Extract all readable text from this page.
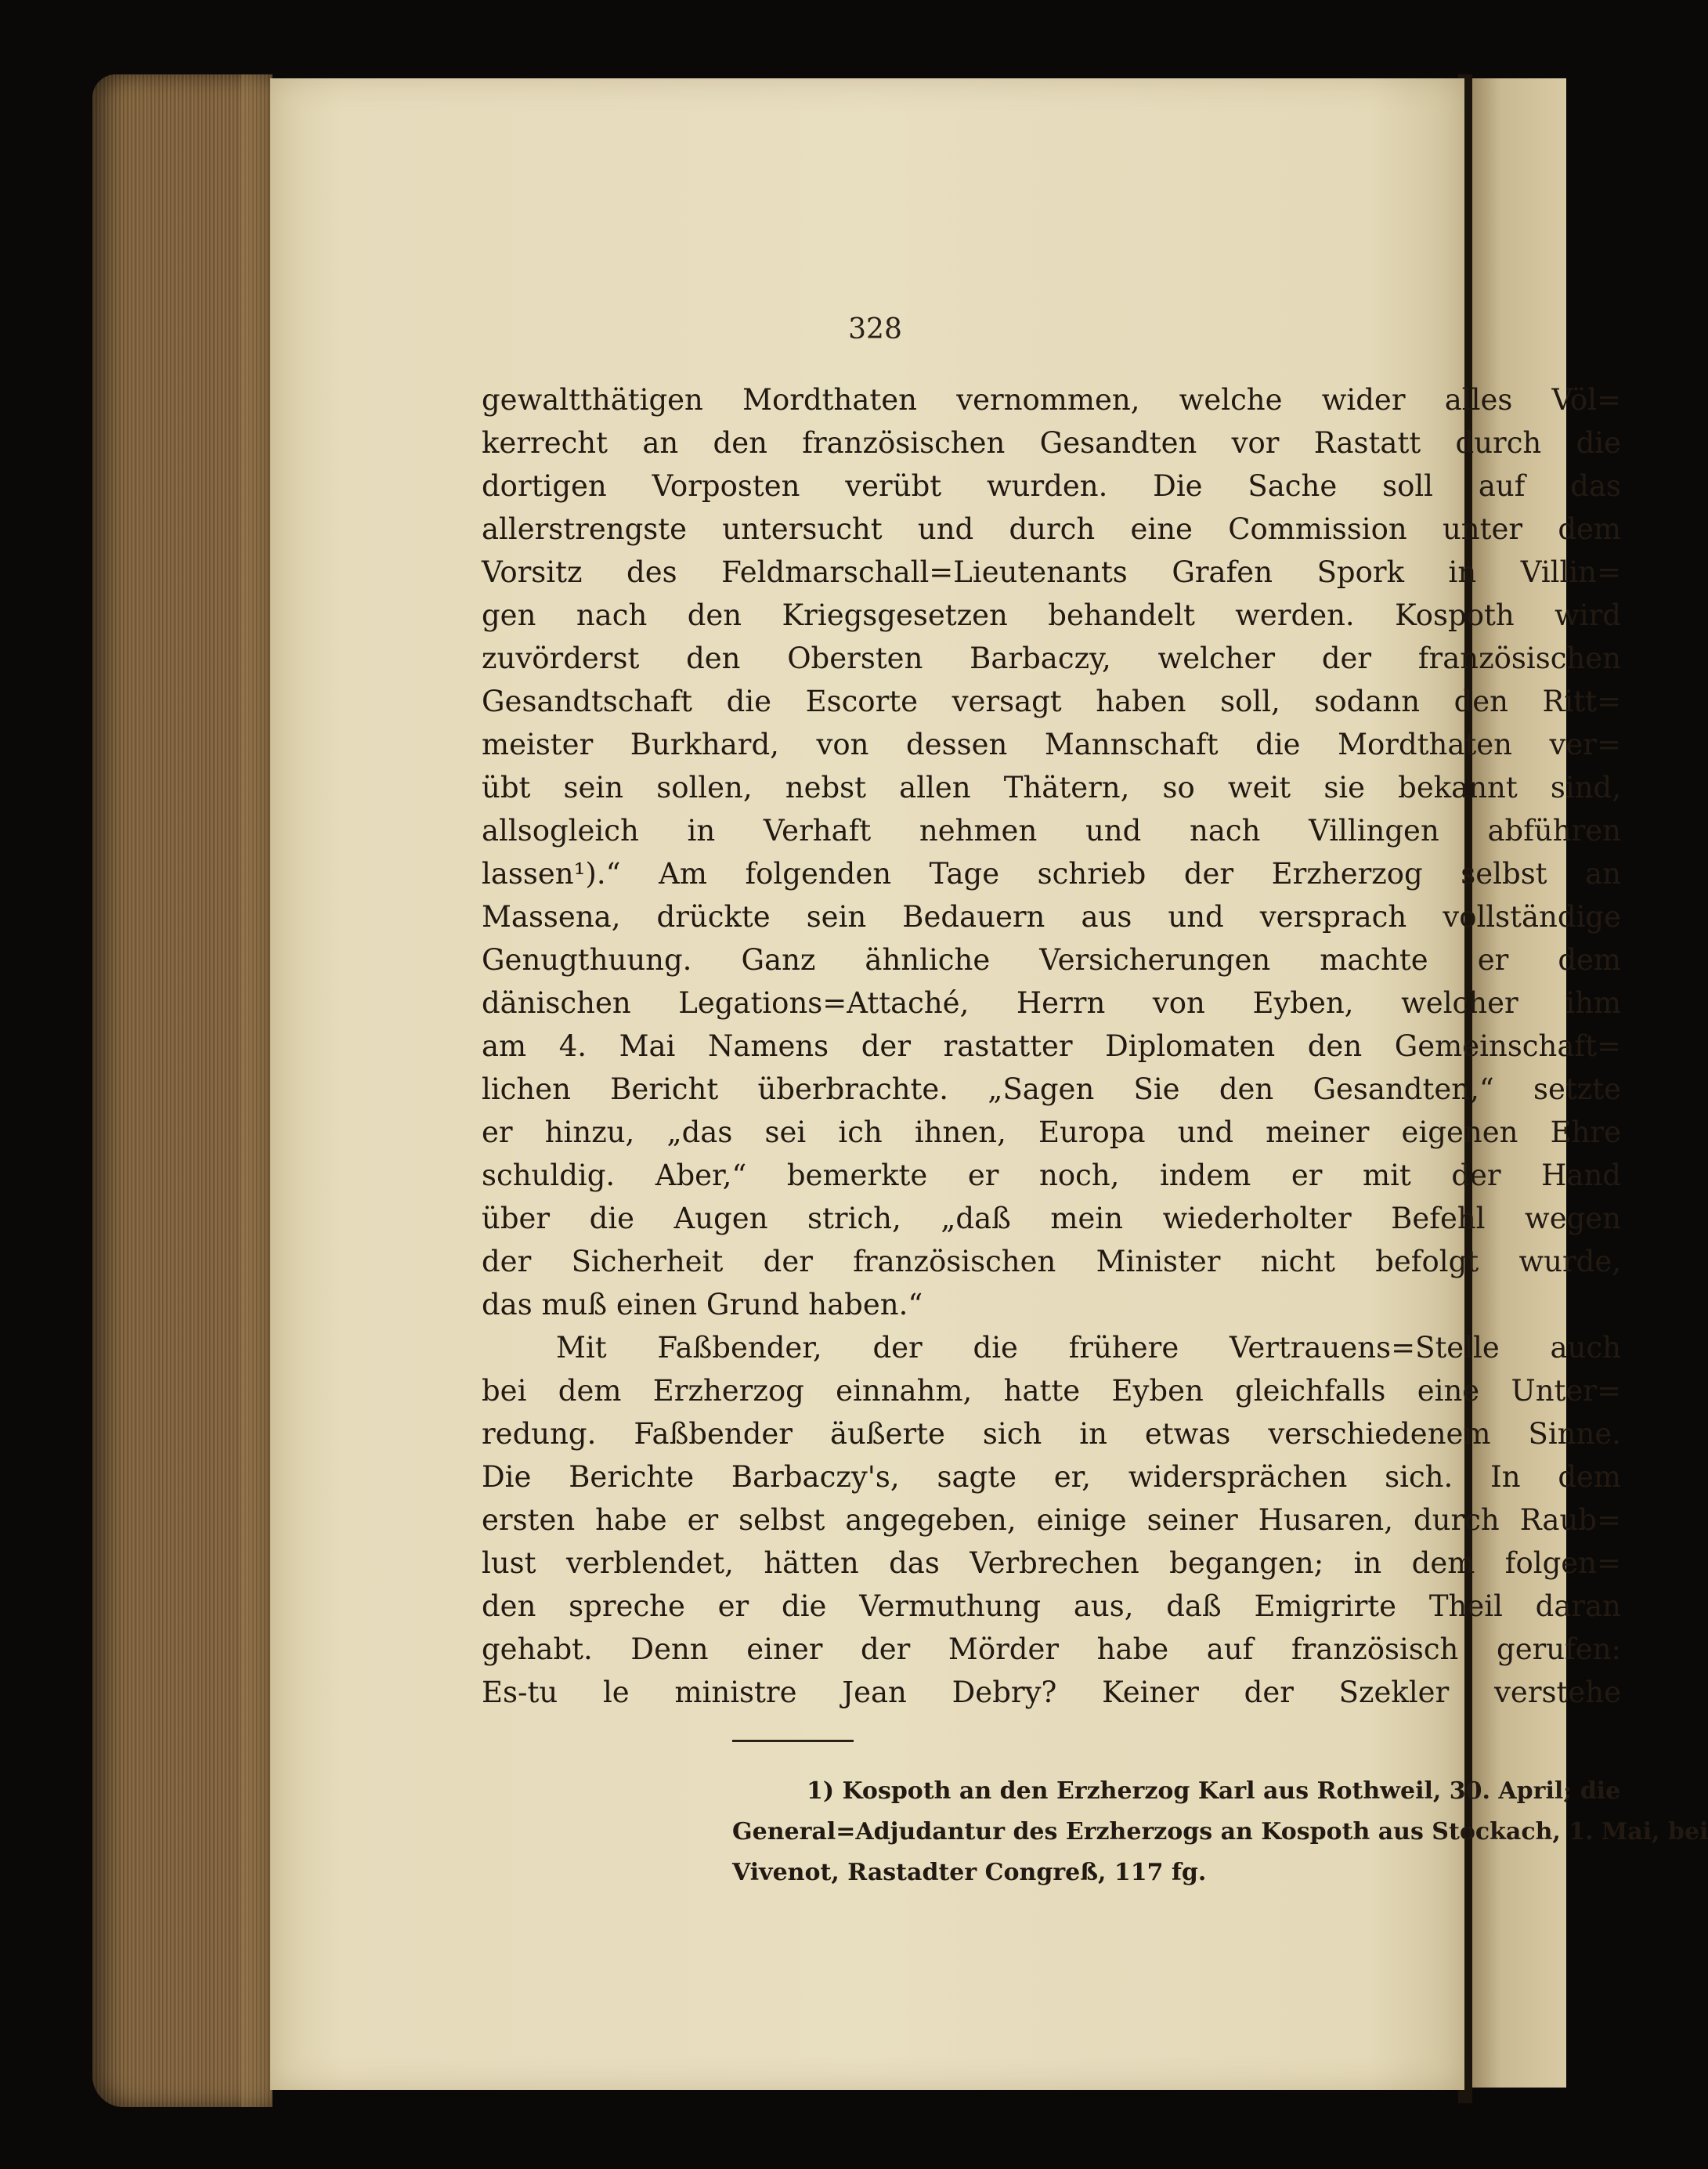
328
gewaltthätigen Mordthaten vernommen, welche wider alles Völ=
kerrecht an den französischen Gesandten vor Rastatt durch die
dortigen Vorposten verübt wurden. Die Sache soll auf das
allerstrengste untersucht und durch eine Commission unter dem
Vorsitz des Feldmarschall=Lieutenants Grafen Spork in Villin=
gen nach den Kriegsgesetzen behandelt werden. Kospoth wird
zuvörderst den Obersten Barbaczy, welcher der französischen
Gesandtschaft die Escorte versagt haben soll, sodann den Ritt=
meister Burkhard, von dessen Mannschaft die Mordthaten ver=
übt sein sollen, nebst allen Thätern, so weit sie bekannt sind,
allsogleich in Verhaft nehmen und nach Villingen abführen
lassen¹).“ Am folgenden Tage schrieb der Erzherzog selbst an
Massena, drückte sein Bedauern aus und versprach vollständige
Genugthuung. Ganz ähnliche Versicherungen machte er dem
dänischen Legations=Attaché, Herrn von Eyben, welcher ihm
am 4. Mai Namens der rastatter Diplomaten den Gemeinschaft=
lichen Bericht überbrachte. „Sagen Sie den Gesandten,“ setzte
er hinzu, „das sei ich ihnen, Europa und meiner eigenen Ehre
schuldig. Aber,“ bemerkte er noch, indem er mit der Hand
über die Augen strich, „daß mein wiederholter Befehl wegen
der Sicherheit der französischen Minister nicht befolgt wurde,
das muß einen Grund haben.“
Mit Faßbender, der die frühere Vertrauens=Stelle auch
bei dem Erzherzog einnahm, hatte Eyben gleichfalls eine Unter=
redung. Faßbender äußerte sich in etwas verschiedenem Sinne.
Die Berichte Barbaczy's, sagte er, widersprächen sich. In dem
ersten habe er selbst angegeben, einige seiner Husaren, durch Raub=
lust verblendet, hätten das Verbrechen begangen; in dem folgen=
den spreche er die Vermuthung aus, daß Emigrirte Theil daran
gehabt. Denn einer der Mörder habe auf französisch gerufen:
Es-tu le ministre Jean Debry? Keiner der Szekler verstehe
1) Kospoth an den Erzherzog Karl aus Rothweil, 30. April; die
General=Adjudantur des Erzherzogs an Kospoth aus Stockach, 1. Mai, bei
Vivenot, Rastadter Congreß, 117 fg.
